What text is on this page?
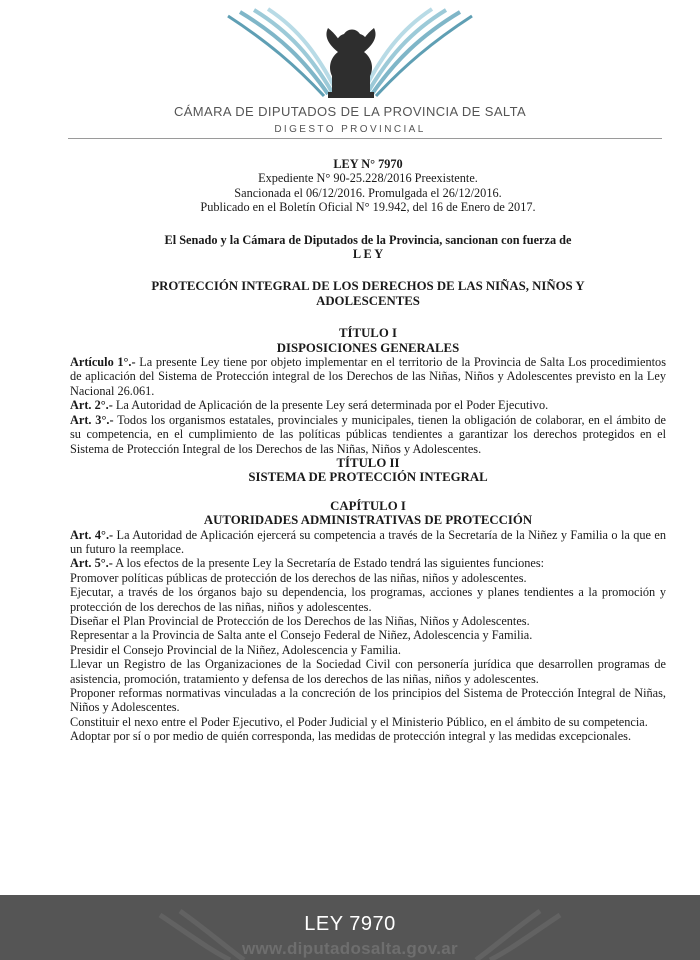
CÁMARA DE DIPUTADOS DE LA PROVINCIA DE SALTA
DIGESTO PROVINCIAL
LEY N° 7970
Expediente N° 90-25.228/2016 Preexistente.
Sancionada el 06/12/2016. Promulgada el 26/12/2016.
Publicado en el Boletín Oficial N° 19.942, del 16 de Enero de 2017.
El Senado y la Cámara de Diputados de la Provincia, sancionan con fuerza de
L E Y
PROTECCIÓN INTEGRAL DE LOS DERECHOS DE LAS NIÑAS, NIÑOS Y
ADOLESCENTES
TÍTULO I
DISPOSICIONES GENERALES
Artículo 1°.- La presente Ley tiene por objeto implementar en el territorio de la Provincia de Salta Los procedimientos de aplicación del Sistema de Protección integral de los Derechos de las Niñas, Niños y Adolescentes previsto en la Ley Nacional 26.061.
Art. 2°.- La Autoridad de Aplicación de la presente Ley será determinada por el Poder Ejecutivo.
Art. 3°.- Todos los organismos estatales, provinciales y municipales, tienen la obligación de colaborar, en el ámbito de su competencia, en el cumplimiento de las políticas públicas tendientes a garantizar los derechos protegidos en el Sistema de Protección Integral de los Derechos de las Niñas, Niños y Adolescentes.
TÍTULO II
SISTEMA DE PROTECCIÓN INTEGRAL
CAPÍTULO I
AUTORIDADES ADMINISTRATIVAS DE PROTECCIÓN
Art. 4°.- La Autoridad de Aplicación ejercerá su competencia a través de la Secretaría de la Niñez y Familia o la que en un futuro la reemplace.
Art. 5°.- A los efectos de la presente Ley la Secretaría de Estado tendrá las siguientes funciones:
Promover políticas públicas de protección de los derechos de las niñas, niños y adolescentes.
Ejecutar, a través de los órganos bajo su dependencia, los programas, acciones y planes tendientes a la promoción y protección de los derechos de las niñas, niños y adolescentes.
Diseñar el Plan Provincial de Protección de los Derechos de las Niñas, Niños y Adolescentes.
Representar a la Provincia de Salta ante el Consejo Federal de Niñez, Adolescencia y Familia.
Presidir el Consejo Provincial de la Niñez, Adolescencia y Familia.
Llevar un Registro de las Organizaciones de la Sociedad Civil con personería jurídica que desarrollen programas de asistencia, promoción, tratamiento y defensa de los derechos de las niñas, niños y adolescentes.
Proponer reformas normativas vinculadas a la concreción de los principios del Sistema de Protección Integral de Niñas, Niños y Adolescentes.
Constituir el nexo entre el Poder Ejecutivo, el Poder Judicial y el Ministerio Público, en el ámbito de su competencia.
Adoptar por sí o por medio de quién corresponda, las medidas de protección integral y las medidas excepcionales.
www.diputadosalta.gov.ar
LEY 7970
